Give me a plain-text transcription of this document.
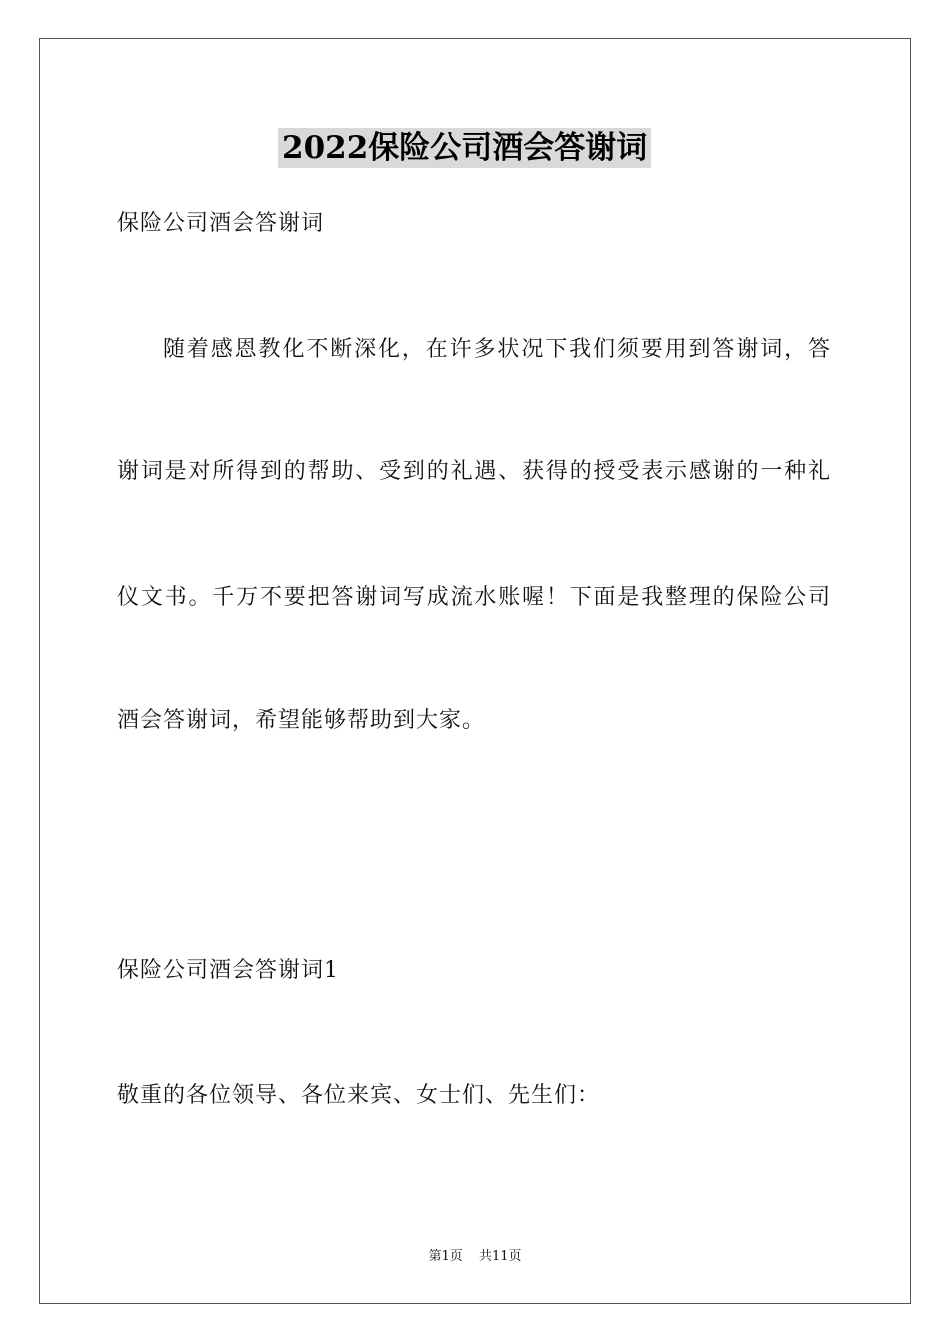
2022保险公司酒会答谢词
保险公司酒会答谢词
随着感恩教化不断深化，在许多状况下我们须要用到答谢词，答
谢词是对所得到的帮助、受到的礼遇、获得的授受表示感谢的一种礼
仪文书。千万不要把答谢词写成流水账喔！下面是我整理的保险公司
酒会答谢词，希望能够帮助到大家。
保险公司酒会答谢词1
敬重的各位领导、各位来宾、女士们、先生们：
第1页 共11页
